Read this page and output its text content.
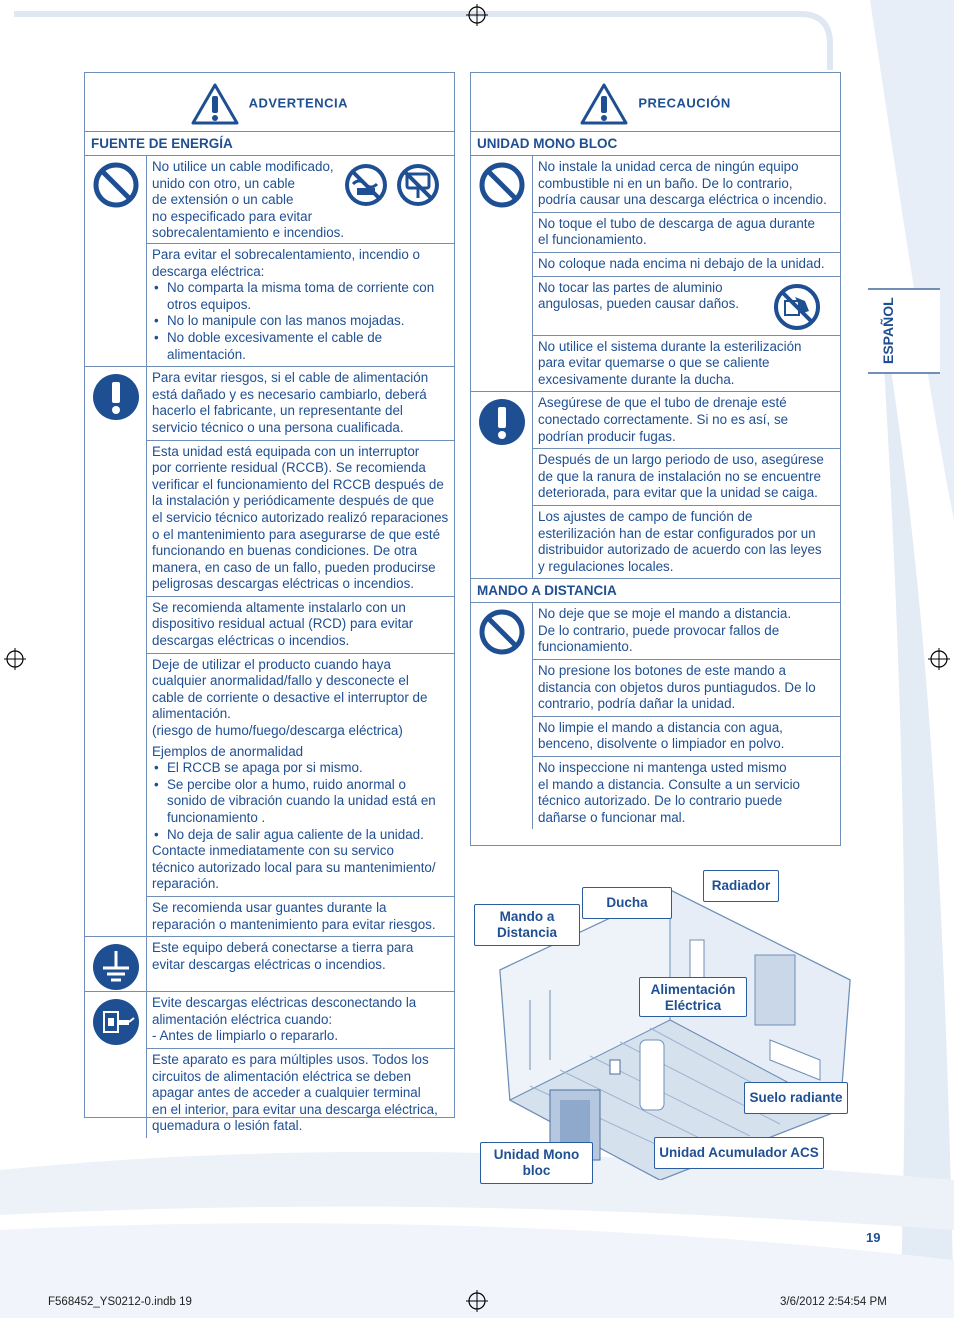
ADVERTENCIA
FUENTE DE ENERGÍA
No utilice un cable modificado,
unido con otro, un cable
de extensión o un cable
no especificado para evitar
sobrecalentamiento e incendios.
Para evitar el sobrecalentamiento, incendio o
descarga eléctrica:
• No comparta la misma toma de corriente con
otros equipos.
• No lo manipule con las manos mojadas.
• No doble excesivamente el cable de
alimentación.
Para evitar riesgos, si el cable de alimentación
está dañado y es necesario cambiarlo, deberá
hacerlo el fabricante, un representante del
servicio técnico o una persona cualificada.
Esta unidad está equipada con un interruptor
por corriente residual (RCCB). Se recomienda
verificar el funcionamiento del RCCB después de
la instalación y periódicamente después de que
el servicio técnico autorizado realizó reparaciones
o el mantenimiento para asegurarse de que esté
funcionando en buenas condiciones. De otra
manera, en caso de un fallo, pueden producirse
peligrosas descargas eléctricas o incendios.
Se recomienda altamente instalarlo con un
dispositivo residual actual (RCD) para evitar
descargas eléctricas o incendios.
Deje de utilizar el producto cuando haya
cualquier anormalidad/fallo y desconecte el
cable de corriente o desactive el interruptor de
alimentación.
(riesgo de humo/fuego/descarga eléctrica)
Ejemplos de anormalidad
• El RCCB se apaga por si mismo.
• Se percibe olor a humo, ruido anormal o
sonido de vibración cuando la unidad está en
funcionamiento .
• No deja de salir agua caliente de la unidad.
Contacte inmediatamente con su servico
técnico autorizado local para su mantenimiento/
reparación.
Se recomienda usar guantes durante la
reparación o mantenimiento para evitar riesgos.
Este equipo deberá conectarse a tierra para
evitar descargas eléctricas o incendios.
Evite descargas eléctricas desconectando la
alimentación eléctrica cuando:
- Antes de limpiarlo o repararlo.
Este aparato es para múltiples usos. Todos los
circuitos de alimentación eléctrica se deben
apagar antes de acceder a cualquier terminal
en el interior, para evitar una descarga eléctrica,
quemadura o lesión fatal.
PRECAUCIÓN
UNIDAD MONO BLOC
No instale la unidad cerca de ningún equipo
combustible ni en un baño. De lo contrario,
podría causar una descarga eléctrica o incendio.
No toque el tubo de descarga de agua durante
el funcionamiento.
No coloque nada encima ni debajo de la unidad.
No tocar las partes de aluminio
angulosas, pueden causar daños.
No utilice el sistema durante la esterilización
para evitar quemarse o que se caliente
excesivamente durante la ducha.
Asegúrese de que el tubo de drenaje esté
conectado correctamente. Si no es así, se
podrían producir fugas.
Después de un largo periodo de uso, asegúrese
de que la ranura de instalación no se encuentre
deteriorada, para evitar que la unidad se caiga.
Los ajustes de campo de función de
esterilización han de estar configurados por un
distribuidor autorizado de acuerdo con las leyes
y regulaciones locales.
MANDO A DISTANCIA
No deje que se moje el mando a distancia.
De lo contrario, puede provocar fallos de
funcionamiento.
No presione los botones de este mando a
distancia con objetos duros puntiagudos. De lo
contrario, podría dañar la unidad.
No limpie el mando a distancia con agua,
benceno, disolvente o limpiador en polvo.
No inspeccione ni mantenga usted mismo
el mando a distancia. Consulte a un servicio
técnico autorizado. De lo contrario puede
dañarse o funcionar mal.
ESPAÑOL
Mando a
Distancia
Ducha
Radiador
Alimentación
Eléctrica
Suelo radiante
Unidad Acumulador ACS
Unidad Mono
bloc
19
F568452_YS0212-0.indb 19	3/6/2012 2:54:54 PM
